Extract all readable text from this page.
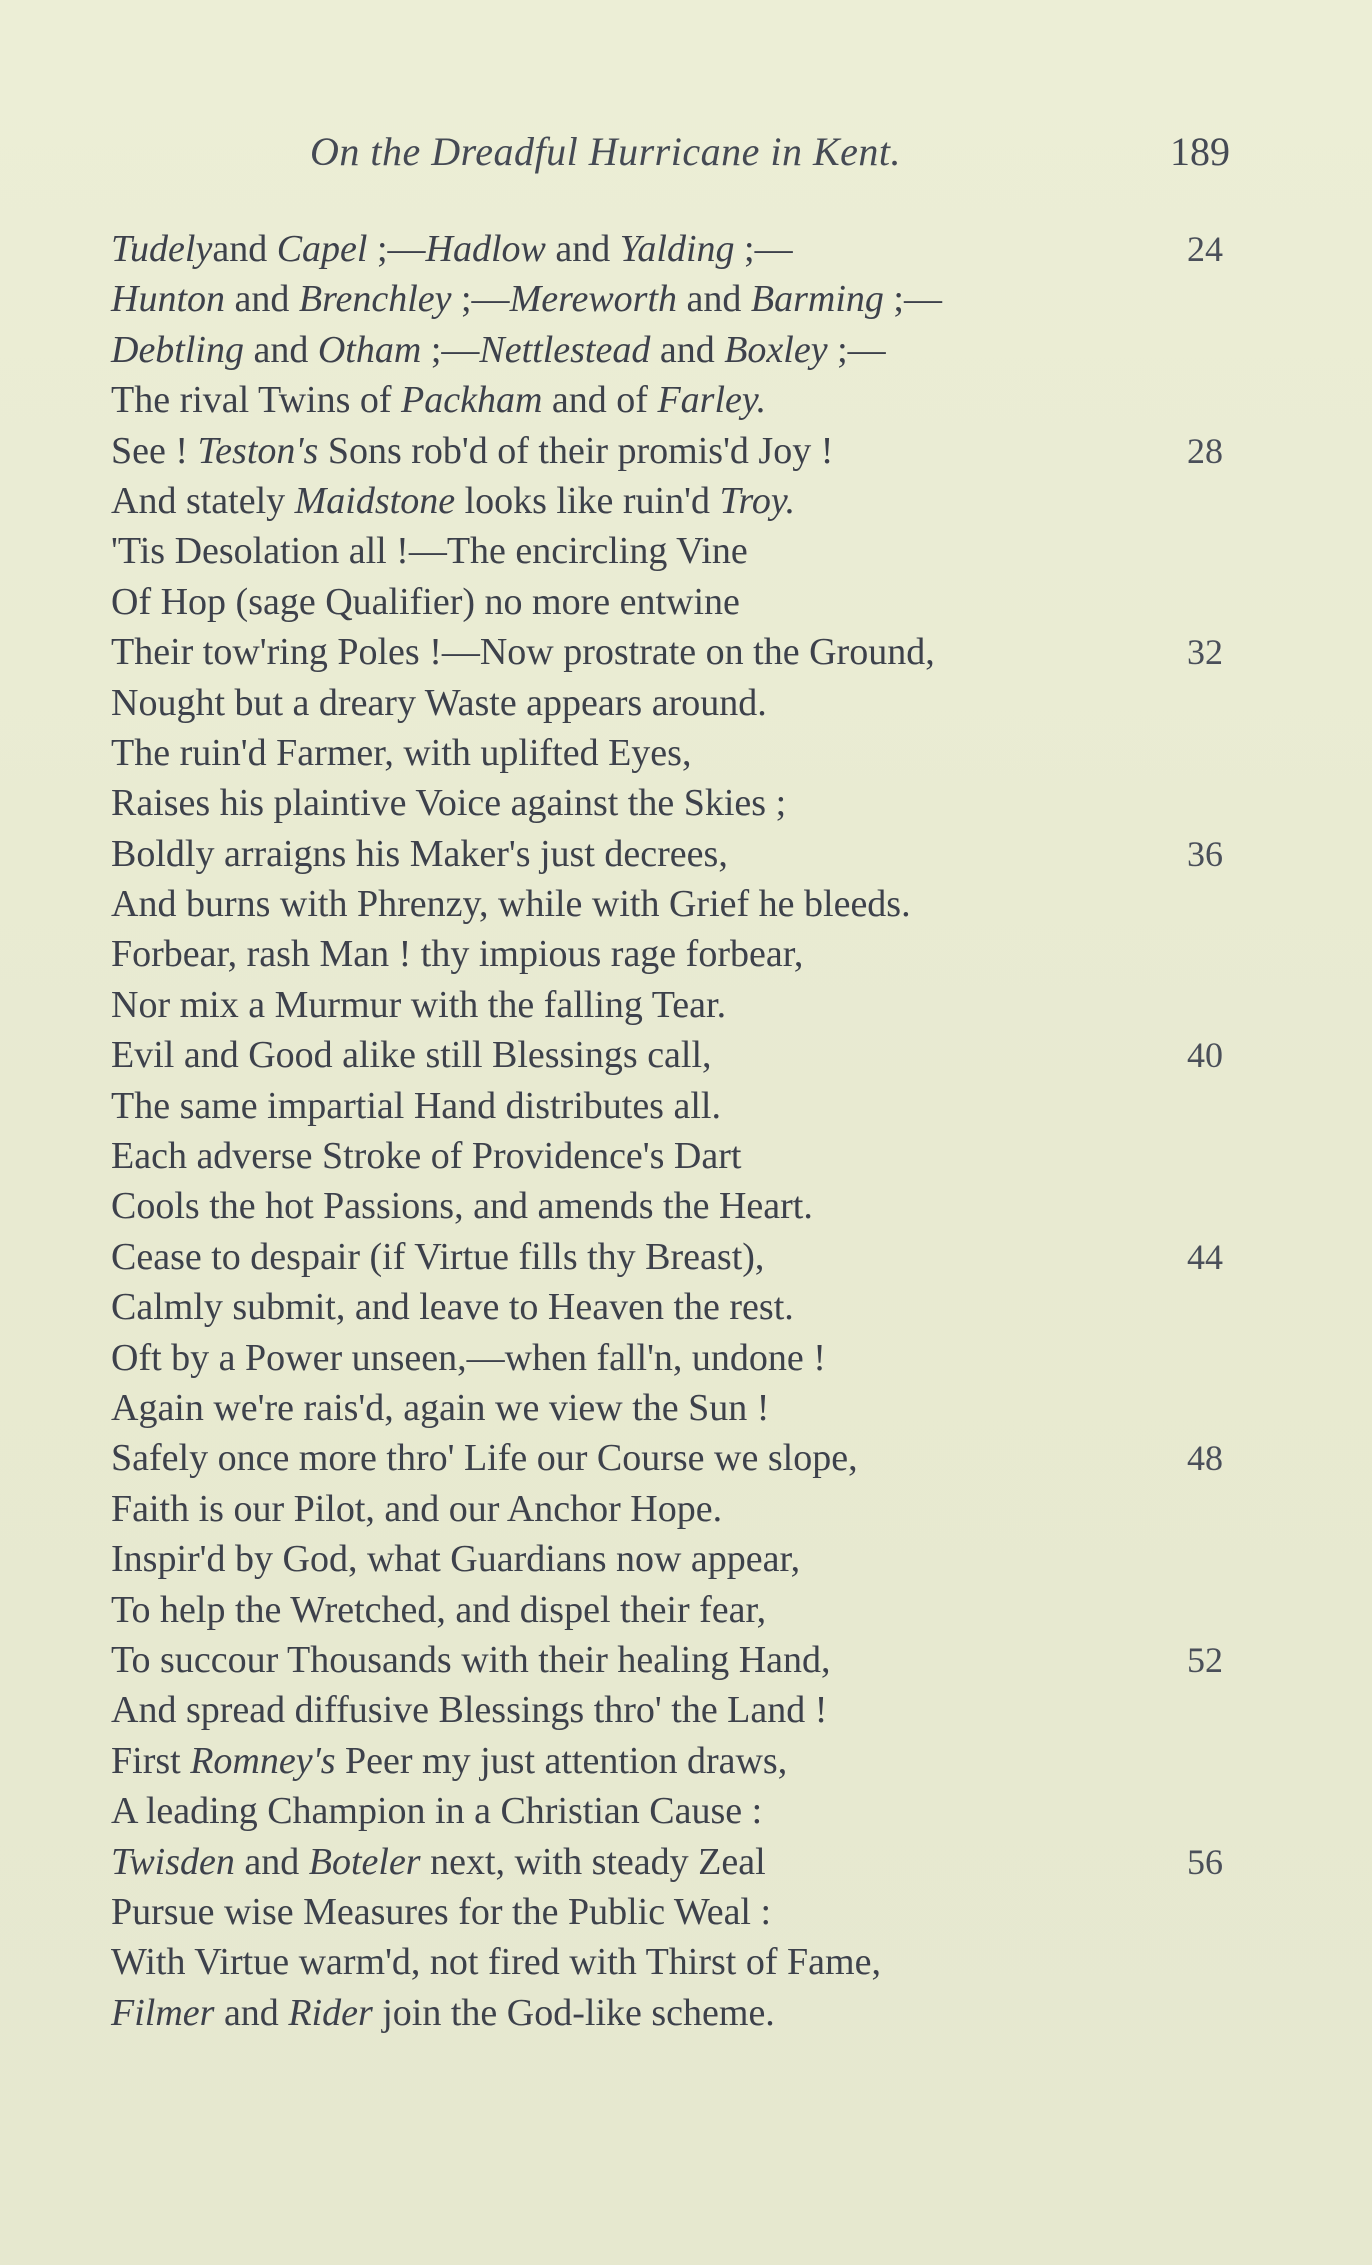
On the Dreadful Hurricane in Kent.	189
Tudelyand Capel ;—Hadlow and Yalding ;—	24
Hunton and Brenchley ;—Mereworth and Barming ;—
Debtling and Otham ;—Nettlestead and Boxley ;—
The rival Twins of Packham and of Farley.
See ! Teston's Sons rob'd of their promis'd Joy !	28
And stately Maidstone looks like ruin'd Troy.
'Tis Desolation all !—The encircling Vine
Of Hop (sage Qualifier) no more entwine
Their tow'ring Poles !—Now prostrate on the Ground,	32
Nought but a dreary Waste appears around.
The ruin'd Farmer, with uplifted Eyes,
Raises his plaintive Voice against the Skies ;
Boldly arraigns his Maker's just decrees,	36
And burns with Phrenzy, while with Grief he bleeds.
Forbear, rash Man ! thy impious rage forbear,
Nor mix a Murmur with the falling Tear.
Evil and Good alike still Blessings call,	40
The same impartial Hand distributes all.
Each adverse Stroke of Providence's Dart
Cools the hot Passions, and amends the Heart.
Cease to despair (if Virtue fills thy Breast),	44
Calmly submit, and leave to Heaven the rest.
Oft by a Power unseen,—when fall'n, undone !
Again we're rais'd, again we view the Sun !
Safely once more thro' Life our Course we slope,	48
Faith is our Pilot, and our Anchor Hope.
Inspir'd by God, what Guardians now appear,
To help the Wretched, and dispel their fear,
To succour Thousands with their healing Hand,	52
And spread diffusive Blessings thro' the Land !
First Romney's Peer my just attention draws,
A leading Champion in a Christian Cause :
Twisden and Boteler next, with steady Zeal	56
Pursue wise Measures for the Public Weal :
With Virtue warm'd, not fired with Thirst of Fame,
Filmer and Rider join the God-like scheme.
